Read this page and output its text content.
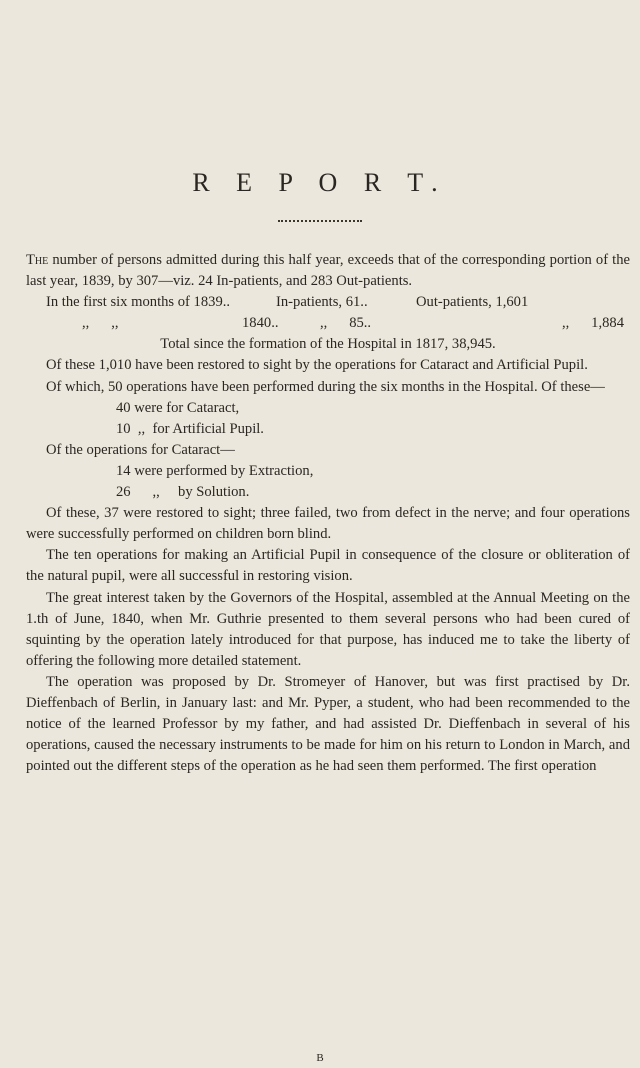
R E P O R T.

The number of persons admitted during this half year, exceeds that of the corresponding portion of the last year, 1839, by 307—viz. 24 In-patients, and 283 Out-patients.

In the first six months of 1839..	In-patients, 61..	Out-patients, 1,601
,,      ,,	1840..	,,      85..	,,      1,884

Total since the formation of the Hospital in 1817, 38,945.

Of these 1,010 have been restored to sight by the operations for Cataract and Artificial Pupil.

Of which, 50 operations have been performed during the six months in the Hospital. Of these—

40 were for Cataract,

10  ,,  for Artificial Pupil.

Of the operations for Cataract—

14 were performed by Extraction,

26      ,,     by Solution.

Of these, 37 were restored to sight; three failed, two from defect in the nerve; and four operations were successfully performed on children born blind.

The ten operations for making an Artificial Pupil in consequence of the closure or obliteration of the natural pupil, were all successful in restoring vision.

The great interest taken by the Governors of the Hospital, assembled at the Annual Meeting on the 1.th of June, 1840, when Mr. Guthrie presented to them several persons who had been cured of squinting by the operation lately introduced for that purpose, has induced me to take the liberty of offering the following more detailed statement.

The operation was proposed by Dr. Stromeyer of Hanover, but was first practised by Dr. Dieffenbach of Berlin, in January last: and Mr. Pyper, a student, who had been recommended to the notice of the learned Professor by my father, and had assisted Dr. Dieffenbach in several of his operations, caused the necessary instruments to be made for him on his return to London in March, and pointed out the different steps of the operation as he had seen them performed. The first operation

B
